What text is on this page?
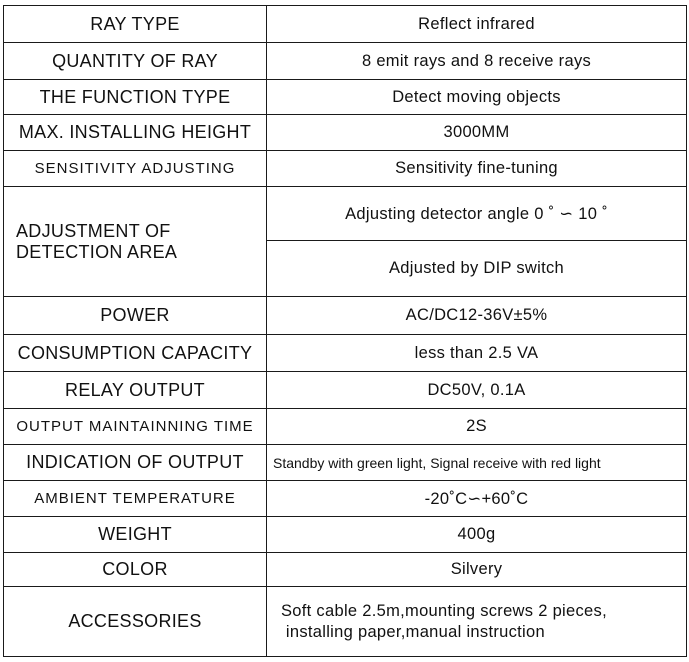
RAY TYPE	Reflect infrared
QUANTITY OF RAY	8 emit rays and 8 receive rays
THE FUNCTION TYPE	Detect moving objects
MAX. INSTALLING HEIGHT	3000MM
SENSITIVITY ADJUSTING	Sensitivity fine-tuning

ADJUSTMENT OF
DETECTION AREA	Adjusting detector angle 0 ˚ ∽ 10 ˚
	Adjusted by DIP switch
POWER	AC/DC12-36V±5%
CONSUMPTION CAPACITY	less than 2.5 VA
RELAY OUTPUT	DC50V, 0.1A
OUTPUT MAINTAINNING TIME	2S
INDICATION OF OUTPUT	Standby with green light, Signal receive with red light
AMBIENT TEMPERATURE	-20˚C∽+60˚C
WEIGHT	400g
COLOR	Silvery
ACCESSORIES	Soft cable 2.5m,mounting screws 2 pieces,
installing paper,manual instruction
